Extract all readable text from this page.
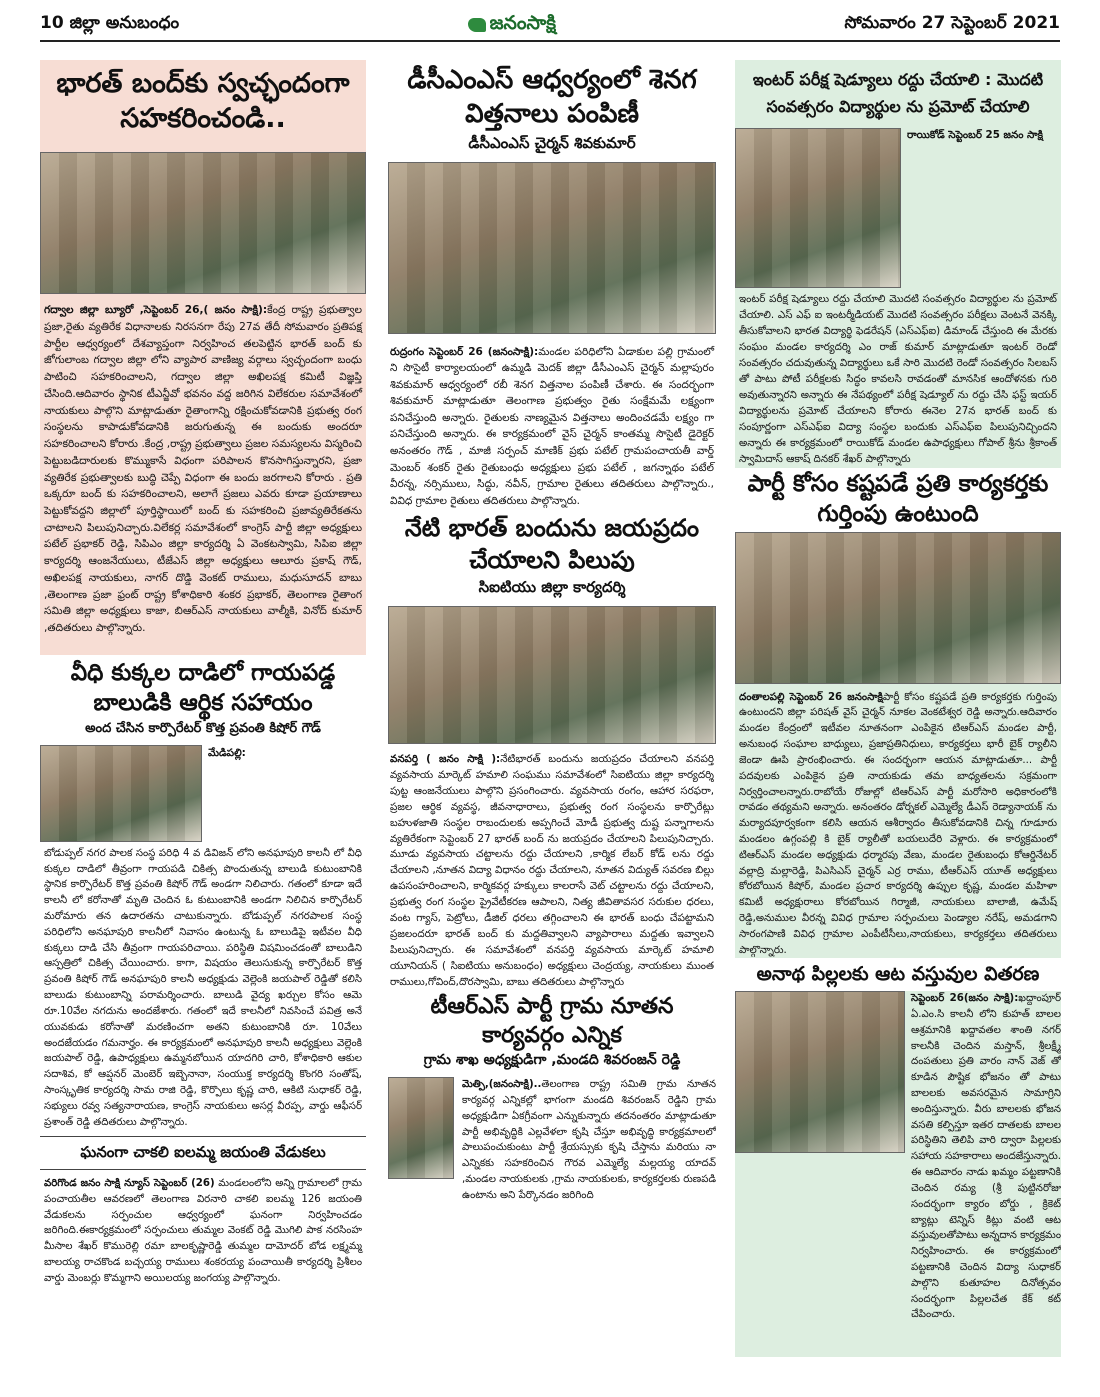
10 జిల్లా అనుబంధం	జనంసాక్షి	సోమవారం 27 సెప్టెంబర్ 2021
భారత్ బంద్‌కు స్వచ్ఛందంగా సహకరించండి..
గద్వాల జిల్లా బ్యూరో ,సెప్టెంబర్ 26,( జనం సాక్షి):కేంద్ర రాష్ట్ర ప్రభుత్వాల ప్రజా,రైతు వ్యతిరేక విధానాలకు నిరసనగా రేపు 27వ తేదీ సోమవారం ప్రతిపక్ష పార్టీల ఆధ్వర్యంలో దేశవ్యాప్తంగా నిర్వహించ తలపెట్టిన భారత్ బంద్ కు జోగులాంబ గద్వాల జిల్లా లోని వ్యాపార వాణిజ్య వర్గాలు స్వచ్ఛందంగా బంధు పాటించి సహకరించాలని, గద్వాల జిల్లా అఖిలపక్ష కమిటీ విజ్ఞప్తి చేసింది.ఆదివారం స్థానిక టీఎన్జీవో భవనం వద్ద జరిగిన విలేకరుల సమావేశంలో నాయకులు పాల్గొని మాట్లాడుతూ రైతాంగాన్ని రక్షించుకోవడానికి ప్రభుత్వ రంగ సంస్థలను కాపాడుకోవడానికి జరుగుతున్న ఈ బందుకు అందరూ సహకరించాలని కోరారు .కేంద్ర ,రాష్ట్ర ప్రభుత్వాలు ప్రజల సమస్యలను విస్మరించి పెట్టుబడిదారులకు కొమ్ముకాసే విధంగా పరిపాలన కొనసాగిస్తున్నారని, ప్రజా వ్యతిరేక ప్రభుత్వాలకు బుద్ధి చెప్పే విధంగా ఈ బందు జరగాలని కోరారు . ప్రతి ఒక్కరూ బంద్ కు సహకరించాలని, అలాగే ప్రజలు ఎవరు కూడా ప్రయాణాలు పెట్టుకోవద్దని జిల్లాలో పూర్తిస్థాయిలో బంద్ కు సహకరించి ప్రజావ్యతిరేకతను చాటాలని పిలుపునిచ్చారు.విలేకర్ల సమావేశంలో కాంగ్రెస్ పార్టీ జిల్లా అధ్యక్షులు పటేల్ ప్రభాకర్ రెడ్డి, సిపిఎం జిల్లా కార్యదర్శి ఏ వెంకటస్వామి, సిపిఐ జిల్లా కార్యదర్శి ఆంజనేయులు, టీజేఎస్ జిల్లా అధ్యక్షులు ఆలూరు ప్రకాష్ గౌడ్, అఖిలపక్ష నాయకులు, నాగర్ దొడ్డి వెంకట్ రాములు, మధుసూదన్ బాబు ,తెలంగాణ ప్రజా ఫ్రంట్ రాష్ట్ర కోశాధికారి శంకర ప్రభాకర్, తెలంగాణ రైతాంగ సమితి జిల్లా అధ్యక్షులు కాజా, బిఆర్ఎస్ నాయకులు వాల్మీకి, వినోద్ కుమార్ ,తదితరులు పాల్గొన్నారు.
వీధి కుక్కల దాడిలో గాయపడ్డ బాలుడికి ఆర్థిక సహాయం
అంద చేసిన కార్పొరేటర్ కొత్త ప్రవంతి కిషోర్ గౌడ్
మేడిపల్లి:
బోడుప్పల్ నగర పాలక సంస్థ పరిధి 4 వ డివిజన్ లోని అనఘాపురి కాలనీ లో వీధి కుక్కల దాడిలో తీవ్రంగా గాయపడి చికిత్స పొందుతున్న బాలుడి కుటుంబానికి స్థానిక కార్పొరేటర్ కొత్త ప్రవంతి కిషోర్ గౌడ్ అండగా నిలిచారు. గతంలో కూడా ఇదే కాలనీ లో కరోనాతో మృతి చెందిన ఓ కుటుంబానికి అండగా నిలిచిన కార్పొరేటర్ మరోమారు తన ఉదారతను చాటుకున్నారు. బోడుప్పల్ నగరపాలక సంస్థ పరిధిలోని అనఘాపురి కాలనీలో నివాసం ఉంటున్న ఓ బాలుడిపై ఇటీవల వీధి కుక్కలు దాడి చేసి తీవ్రంగా గాయపరిచాయి. పరిస్థితి విషమించడంతో బాలుడిని ఆస్పత్రిలో చికిత్స చేయించారు. కాగా, విషయం తెలుసుకున్న కార్పొరేటర్ కొత్త ప్రవంతి కిషోర్ గౌడ్ అనఘాపురి కాలనీ అధ్యక్షుడు వెల్లెంకి జయపాల్ రెడ్డితో కలిసి బాలుడు కుటుంబాన్ని పరామర్శించారు. బాలుడి వైద్య ఖర్చుల కోసం ఆమె రూ.10వేల నగదును అందజేశారు. గతంలో ఇదే కాలనీలో నివసించే పవిత్ర అనే యువకుడు కరోనాతో మరణించగా అతని కుటుంబానికి రూ. 10వేలు అందజేయడం గమనార్హం. ఈ కార్యక్రమంలో అనఘాపురి కాలనీ అధ్యక్షులు వెల్లెంకి జయపాల్ రెడ్డి, ఉపాధ్యక్షులు ఉమ్మనబోయిన యాదగిరి చారి, కోశాధికారి ఆకుల సదాశివ, కో ఆప్షనర్ మెంబెర్ ఇబ్బెనానా, సంయుక్త కార్యదర్శి కొంగరి సంతోష్, సాంస్కృతిక కార్యదర్శి సామ రాజి రెడ్డి, కొర్పొలు కృష్ణ చారి, ఆకిటి సుధాకర్ రెడ్డి, సభ్యులు రవ్వ సత్యనారాయణ, కాంగ్రెస్ నాయకులు అసర్ల వీరప్ప, వార్డు ఆఫీసర్ ప్రశాంత్ రెడ్డి తదితరులు పాల్గొన్నారు.
ఘనంగా చాకలి ఐలమ్మ జయంతి వేడుకలు
వరిగొండ జనం సాక్షి న్యూస్ సెప్టెంబర్ (26) మండలంలోని అన్ని గ్రామాలలో గ్రామ పంచాయతీల ఆవరణలో తెలంగాణ విరనారి చాకలి ఐలమ్మ 126 జయంతి వేడుకలను సర్పంచుల ఆధ్వర్యంలో ఘనంగా నిర్వహించడం జరిగింది.ఈకార్యక్రమంలో సర్పంచులు తుమ్మల వెంకట్ రెడ్డి మొగిలి పాక నరసింహ మీసాల శేఖర్ కొమురెల్లి రమా బాలకృష్ణారెడ్డి తుమ్మల దామోదర్ బోడ లక్ష్మమ్మ బాలయ్య రాచకొండ బచ్చయ్య రాములు శంకరయ్య పంచాయితీ కార్యదర్శి ప్రిశీలం వార్డు మెంబర్లు కొమ్మగాని అయిలయ్య జంగయ్య పాల్గొన్నారు.
డీసీఎంఎస్ ఆధ్వర్యంలో శెనగ విత్తనాలు పంపిణీ
డీసీఎంఎస్ చైర్మన్ శివకుమార్
రుద్రంగం సెప్టెంబర్ 26 (జనంసాక్షి):మండల పరిధిలోని ఏడాకుల పల్లి గ్రామంలో ని సొసైటీ కార్యాలయంలో ఉమ్మడి మెదక్ జిల్లా డీసీఎంఎస్ చైర్మన్ మల్లాపురం శివకుమార్ ఆధ్వర్యంలో రబీ శెనగ విత్తనాల పంపిణీ చేశారు. ఈ సందర్భంగా శివకుమార్ మాట్లాడుతూ తెలంగాణ ప్రభుత్వం రైతు సంక్షేమమే లక్ష్యంగా పనిచేస్తుంది అన్నారు. రైతులకు నాణ్యమైన విత్తనాలు అందించడమే లక్ష్యం గా పనిచేస్తుంది అన్నారు. ఈ కార్యక్రమంలో వైస్ చైర్మన్ కాంతమ్మ సొసైటీ డైరెక్టర్ అనంతరం గౌడ్ , మాజీ సర్పంచ్ మాణిక్ ప్రభు పటేల్ గ్రామపంచాయతీ వార్డ్ మెంబర్ శంకర్ రైతు రైతుబంధు అధ్యక్షులు ప్రభు పటేల్ , జగన్నాథం పటేల్ వీరన్న, నర్సిములు, సిద్ధు, నవీన్, గ్రామాల రైతులు తదితరులు పాల్గొన్నారు., వివిధ గ్రామాల రైతులు తదితరులు పాల్గొన్నారు.
నేటి భారత్ బందును జయప్రదం చేయాలని పిలుపు
సిఐటియు జిల్లా కార్యదర్శి
వనపర్తి ( జనం సాక్షి ):నేటిభారత్ బందును జయప్రదం చేయాలని వనపర్తి వ్యవసాయ మార్కెట్ హమాలి సంఘము సమావేశంలో సిఐటియు జిల్లా కార్యదర్శి పుట్ట ఆంజనేయులు పాల్గొని ప్రసంగించారు. వ్యవసాయ రంగం, ఆహార సరఫరా, ప్రజల ఆర్థిక వ్యవస్థ, జీవనాధారాలు, ప్రభుత్వ రంగ సంస్థలను కార్పొరేట్లు బహుళజాతి సంస్థల రాబందులకు అప్పగించే మోడీ ప్రభుత్వ దుష్ట పన్నాగాలను వ్యతిరేకంగా సెప్టెంబర్ 27 భారత్ బంద్ ను జయప్రదం చేయాలని పిలుపునిచ్చారు. మూడు వ్యవసాయ చట్టాలను రద్దు చేయాలని ,కార్మిక లేబర్ కోడ్ లను రద్దు చేయాలని ,నూతన విద్యా విధానం రద్దు చేయాలని, నూతన విద్యుత్ సవరణ బిల్లు ఉపసంహరించాలని, కార్మికవర్గ హక్కులు కాలరాసే వెట్ చట్టాలను రద్దు చేయాలని, ప్రభుత్వ రంగ సంస్థల ప్రైవేటీకరణ ఆపాలని, నిత్య జీవితావసర సరుకుల ధరలు, వంట గ్యాస్, పెట్రోలు, డీజిల్ ధరలు తగ్గించాలని ఈ భారత్ బంధు చేపట్టామని ప్రజలందరూ భారత్ బంద్ కు మద్దతివ్వాలని వ్యాపారాలు మద్దతు ఇవ్వాలని పిలుపునిచ్చారు. ఈ సమావేశంలో వనపర్తి వ్యవసాయ మార్కెట్ హమాలి యూనియన్ ( సిఐటియు అనుబంధం) అధ్యక్షులు చెంద్రయ్య, నాయకులు ముంత రాములు,గోవింద్,దొరస్వామి, బాబు తదితరులు పాల్గొన్నారు
టీఆర్ఎస్ పార్టీ గ్రామ నూతన కార్యవర్గం ఎన్నిక
గ్రామ శాఖ అధ్యక్షుడిగా ,మండది శివరంజన్ రెడ్డి
మెత్పి,(జనంసాక్షి)..తెలంగాణ రాష్ట్ర సమితి గ్రామ నూతన కార్యవర్గ ఎన్నికల్లో భాగంగా మండది శివరంజన్ రెడ్డిని గ్రామ అధ్యక్షుడిగా ఏకగ్రీవంగా ఎన్నుకున్నారు తదనంతరం మాట్లాడుతూ పార్టీ అభివృద్ధికి ఎల్లవేళలా కృషి చేస్తూ అభివృద్ధి కార్యక్రమాలలో పాలుపంచుకుంటు పార్టీ శ్రేయస్సుకు కృషి చేస్తాను మరియు నా ఎన్నికకు సహకరించిన గౌరవ ఎమ్మెల్యే మల్లయ్య యాదవ్ ,మండల నాయకులకు ,గ్రామ నాయకులకు, కార్యకర్తలకు రుణపడి ఉంటాను అని పేర్కొనడం జరిగింది
ఇంటర్ పరీక్ష షెడ్యూలు రద్దు చేయాలి : మొదటి సంవత్సరం విద్యార్థుల ను ప్రమోట్ చేయాలి
రాయికోడ్ సెప్టెంబర్ 25 జనం సాక్షి
ఇంటర్ పరీక్ష షెడ్యూలు రద్దు చేయాలి మొదటి సంవత్సరం విద్యార్థుల ను ప్రమోట్ చేయాలి. ఎస్ ఎఫ్ ఐ ఇంటర్మీడియట్ మొదటి సంవత్సరం పరీక్షలు వెంటనే వెనక్కి తీసుకోవాలని భారత విద్యార్థి ఫెడరేషన్ (ఎస్ఎఫ్ఐ) డిమాండ్ చేస్తుంది ఈ మేరకు సంఘం మండల కార్యదర్శి ఎం రాజ్ కుమార్ మాట్లాడుతూ ఇంటర్ రెండో సంవత్సరం చదువుతున్న విద్యార్థులు ఒకే సారి మొదటి రెండో సంవత్సరం సిలబస్ తో పాటు పోటీ పరీక్షలకు సిద్ధం కావలసి రావడంతో మానసిక ఆందోళనకు గురి అవుతున్నారని అన్నారు ఈ నేపథ్యంలో పరీక్ష షెడ్యూల్ ను రద్దు చేసి ఫస్ట్ ఇయర్ విద్యార్థులను ప్రమోట్ చేయాలని కోరారు ఈనెల 27న భారత్ బంద్ కు సంపూర్ణంగా ఎస్ఎఫ్ఐ విద్యా సంస్థల బందుకు ఎస్ఎఫ్ఐ పిలుపునిచ్చిందని అన్నారు ఈ కార్యక్రమంలో రాయికోడ్ మండల ఉపాధ్యక్షులు గోపాల్ శ్రీను శ్రీకాంత్ స్వామిదాస్ ఆకాష్ దినకర్ శేఖర్ పాల్గొన్నారు
పార్టీ కోసం కష్టపడే ప్రతి కార్యకర్తకు గుర్తింపు ఉంటుంది
దంతాలపల్లి సెప్టెంబర్ 26 జనంసాక్షిపార్టీ కోసం కష్టపడే ప్రతి కార్యకర్తకు గుర్తింపు ఉంటుందని జిల్లా పరిషత్ వైస్ చైర్మన్ నూకల వెంకటేశ్వర రెడ్డి అన్నారు.ఆదివారం మండల కేంద్రంలో ఇటీవల నూతనంగా ఎంపికైన టిఆర్ఎస్ మండల పార్టీ, అనుబంధ సంఘాల బాధ్యులు, ప్రజాప్రతినిధులు, కార్యకర్తలు భారీ బైక్ ర్యాలీని జెండా ఊపి ప్రారంభించారు. ఈ సందర్భంగా ఆయన మాట్లాడుతూ... పార్టీ పదవులకు ఎంపికైన ప్రతి నాయకుడు తమ బాధ్యతలను సక్రమంగా నిర్వర్తించాలన్నారు.రాబోయే రోజుల్లో టిఆర్ఎస్ పార్టీ మరోసారి అధికారంలోకి రావడం తథ్యమని అన్నారు. అనంతరం డోర్నకల్ ఎమ్మెల్యే డీఎస్ రెడ్యానాయక్ ను మర్యాదపూర్వకంగా కలిసి ఆయన ఆశీర్వాదం తీసుకోవడానికి చిన్న గూడూరు మండలం ఉగ్గంపల్లి కి బైక్ ర్యాలీతో బయలుదేరి వెళ్లారు. ఈ కార్యక్రమంలో టిఆర్ఎస్ మండల అధ్యక్షుడు ధర్మారపు వేణు, మండల రైతుబంధు కోఆర్డినేటర్ వల్లాద్రి మల్లారెడ్డి, పిఎసిఎస్ చైర్మన్ ఎర్ర రాము, టీఆర్ఎస్ యూత్ అధ్యక్షులు కోరబోయిన కిషోర్, మండల ప్రచార కార్యదర్శి ఉప్పుల కృష్ణ, మండల మహిళా కమిటీ అధ్యక్షురాలు కోరబోయిన గిర్మాజీ, నాయకులు బాలాజీ, ఉమేష్ రెడ్డి,అనుముల వీరన్న వివిధ గ్రామాల సర్పంచులు పెండ్యాల నరేష్, అమడగాని సారంగపాణి వివిధ గ్రామాల ఎంపీటీసీలు,నాయకులు, కార్యకర్తలు తదితరులు పాల్గొన్నారు.
అనాథ పిల్లలకు ఆట వస్తువుల వితరణ
సెప్టెంబర్ 26(జనం సాక్షి):ఖద్దాంపూర్ ఏ.ఎం.సి కాలనీ లోని కుహత్ బాలల ఆశ్రమానికి ఖద్దావతల శాంతి నగర్ కాలనీకి చెందిన మస్తాన్, శ్రీలక్ష్మీ దంపతులు ప్రతి వారం నాన్ వెజ్ తో కూడిన పౌష్టిక భోజనం తో పాటు బాలలకు అవసరమైన సామాగ్రిని అందిస్తున్నారు. వీరు బాలలకు భోజన వసతి కల్పిస్తూ ఇతర దాతలకు బాలల పరిస్థితిని తెలిపి వారి ద్వారా పిల్లలకు సహాయ సహకారాలు అందజేస్తున్నారు. ఈ ఆదివారం నాడు ఖమ్మం పట్టణానికి చెందిన రమ్య (శ్రీ పుట్టినరోజు సందర్భంగా క్యారం బోర్డు , క్రికెట్ బ్యాట్లు టెన్నిస్ కిట్లు వంటి ఆట వస్తువులతోపాటు అన్నదాన కార్యక్రమం నిర్వహించారు. ఈ కార్యక్రమంలో పట్టణానికి చెందిన విద్యా సుధాకర్ పాల్గొని కుతూహల దినోత్సవం సందర్భంగా పిల్లలచేత కేక్ కట్ చేపించారు.
